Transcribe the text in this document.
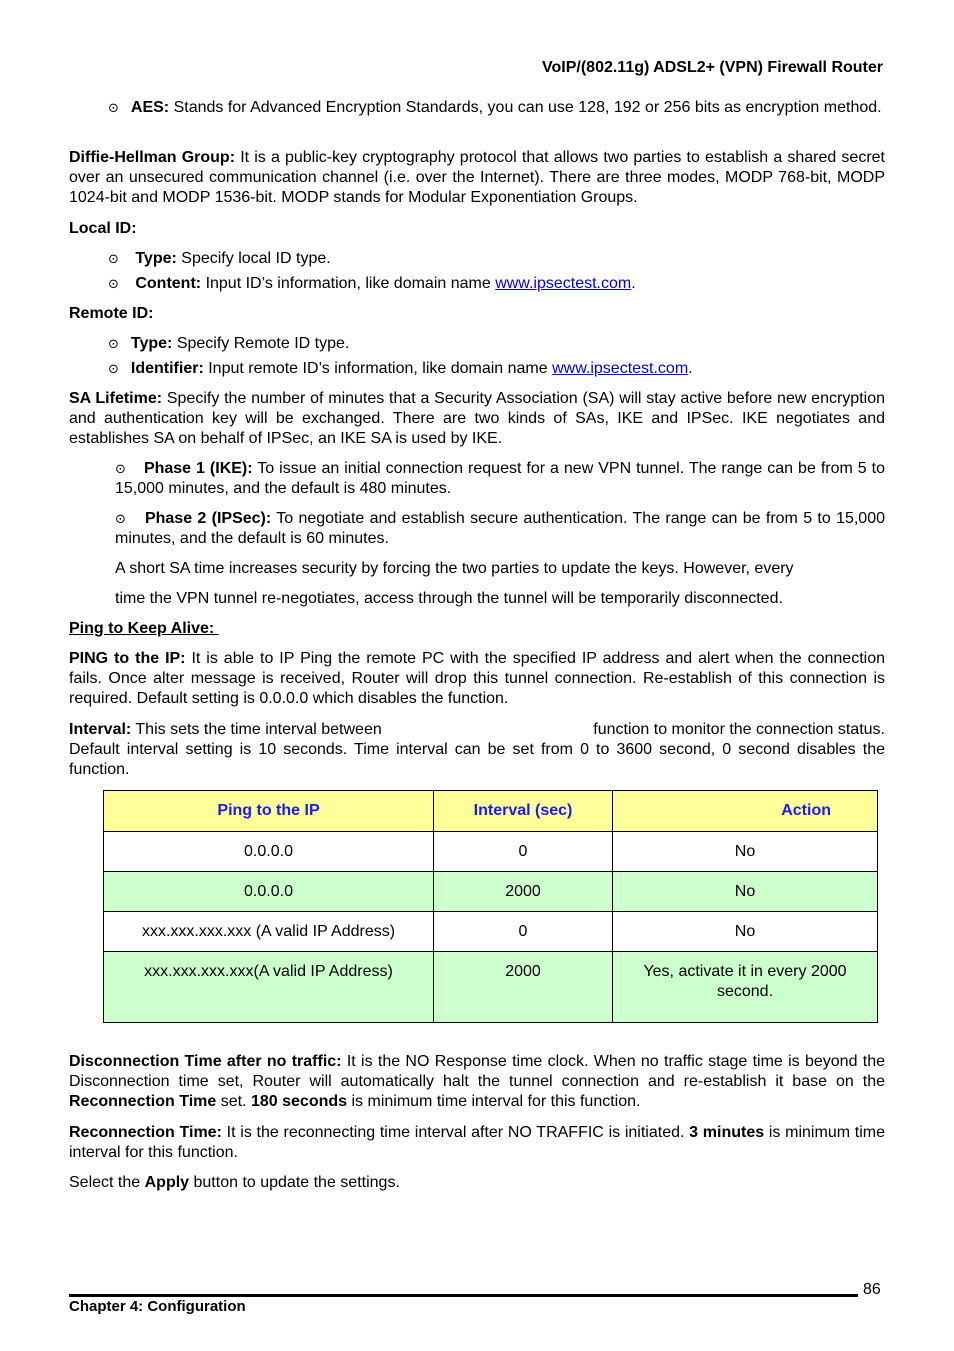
VoIP/(802.11g) ADSL2+ (VPN) Firewall Router
⊙ AES: Stands for Advanced Encryption Standards, you can use 128, 192 or 256 bits as encryption method.
Diffie-Hellman Group: It is a public-key cryptography protocol that allows two parties to establish a shared secret over an unsecured communication channel (i.e. over the Internet). There are three modes, MODP 768-bit, MODP 1024-bit and MODP 1536-bit. MODP stands for Modular Exponentiation Groups.
Local ID:
⊙ Type: Specify local ID type.
⊙ Content: Input ID’s information, like domain name www.ipsectest.com.
Remote ID:
⊙ Type: Specify Remote ID type.
⊙ Identifier: Input remote ID’s information, like domain name www.ipsectest.com.
SA Lifetime: Specify the number of minutes that a Security Association (SA) will stay active before new encryption and authentication key will be exchanged. There are two kinds of SAs, IKE and IPSec. IKE negotiates and establishes SA on behalf of IPSec, an IKE SA is used by IKE.
⊙ Phase 1 (IKE): To issue an initial connection request for a new VPN tunnel. The range can be from 5 to 15,000 minutes, and the default is 480 minutes.
⊙ Phase 2 (IPSec): To negotiate and establish secure authentication. The range can be from 5 to 15,000 minutes, and the default is 60 minutes.
A short SA time increases security by forcing the two parties to update the keys. However, every
time the VPN tunnel re-negotiates, access through the tunnel will be temporarily disconnected.
Ping to Keep Alive:
PING to the IP: It is able to IP Ping the remote PC with the specified IP address and alert when the connection fails. Once alter message is received, Router will drop this tunnel connection. Re-establish of this connection is required. Default setting is 0.0.0.0 which disables the function.
Interval: This sets the time interval between	function to monitor the connection status.
Default interval setting is 10 seconds. Time interval can be set from 0 to 3600 second, 0 second disables the function.
Ping to the IP	Interval (sec)	Action
0.0.0.0	0	No
0.0.0.0	2000	No
xxx.xxx.xxx.xxx (A valid IP Address)	0	No
xxx.xxx.xxx.xxx(A valid IP Address)	2000	Yes, activate it in every 2000 second.
Disconnection Time after no traffic: It is the NO Response time clock. When no traffic stage time is beyond the Disconnection time set, Router will automatically halt the tunnel connection and re-establish it base on the Reconnection Time set. 180 seconds is minimum time interval for this function.
Reconnection Time: It is the reconnecting time interval after NO TRAFFIC is initiated. 3 minutes is minimum time interval for this function.
Select the Apply button to update the settings.
86
Chapter 4: Configuration
